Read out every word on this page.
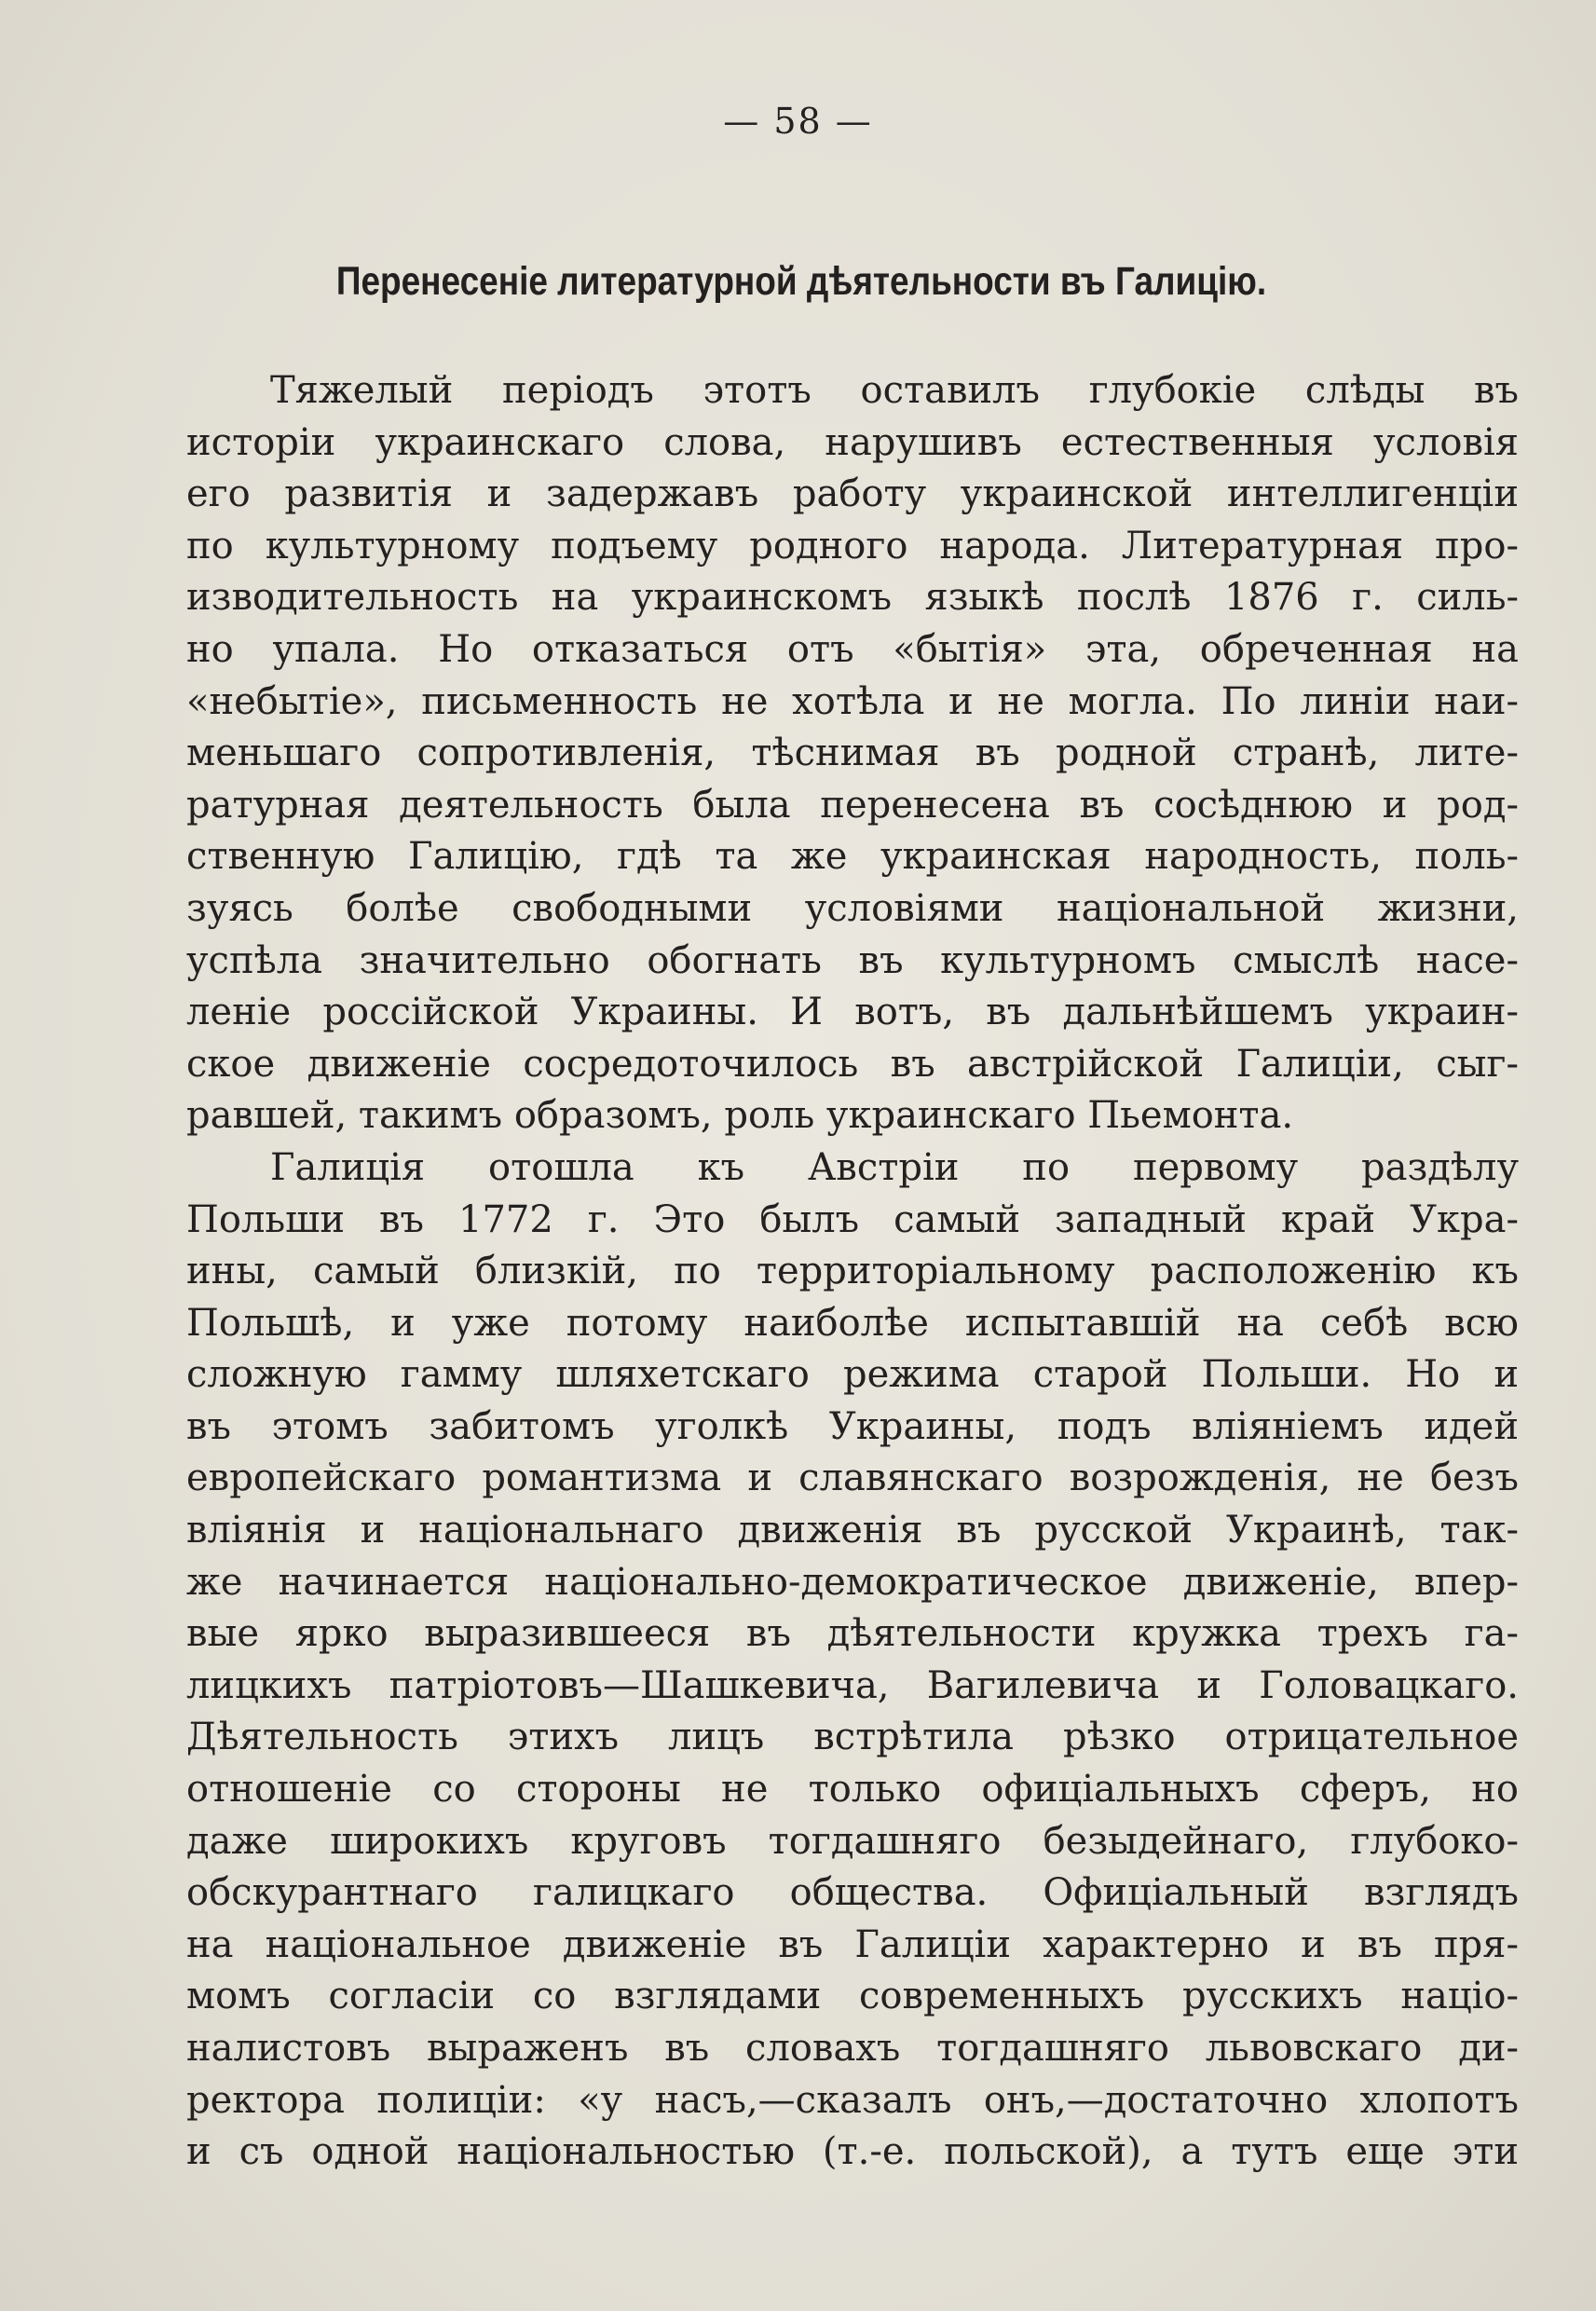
— 58 —
Перенесеніе литературной дѣятельности въ Галицію.
Тяжелый періодъ этотъ оставилъ глубокіе слѣды въ
исторіи украинскаго слова, нарушивъ естественныя условія
его развитія и задержавъ работу украинской интеллигенціи
по культурному подъему родного народа. Литературная про-
изводительность на украинскомъ языкѣ послѣ 1876 г. силь-
но упала. Но отказаться отъ «бытія» эта, обреченная на
«небытіе», письменность не хотѣла и не могла. По линіи наи-
меньшаго сопротивленія, тѣснимая въ родной странѣ, лите-
ратурная деятельность была перенесена въ сосѣднюю и род-
ственную Галицію, гдѣ та же украинская народность, поль-
зуясь болѣе свободными условіями національной жизни,
успѣла значительно обогнать въ культурномъ смыслѣ насе-
леніе россійской Украины. И вотъ, въ дальнѣйшемъ украин-
ское движеніе сосредоточилось въ австрійской Галиціи, сыг-
равшей, такимъ образомъ, роль украинскаго Пьемонта.
Галиція отошла къ Австріи по первому раздѣлу
Польши въ 1772 г. Это былъ самый западный край Укра-
ины, самый близкій, по территоріальному расположенію къ
Польшѣ, и уже потому наиболѣе испытавшій на себѣ всю
сложную гамму шляхетскаго режима старой Польши. Но и
въ этомъ забитомъ уголкѣ Украины, подъ вліяніемъ идей
европейскаго романтизма и славянскаго возрожденія, не безъ
вліянія и національнаго движенія въ русской Украинѣ, так-
же начинается національно-демократическое движеніе, впер-
вые ярко выразившееся въ дѣятельности кружка трехъ га-
лицкихъ патріотовъ—Шашкевича, Вагилевича и Головацкаго.
Дѣятельность этихъ лицъ встрѣтила рѣзко отрицательное
отношеніе со стороны не только офиціальныхъ сферъ, но
даже широкихъ круговъ тогдашняго безыдейнаго, глубоко-
обскурантнаго галицкаго общества. Офиціальный взглядъ
на національное движеніе въ Галиціи характерно и въ пря-
момъ согласіи со взглядами современныхъ русскихъ націо-
налистовъ выраженъ въ словахъ тогдашняго львовскаго ди-
ректора полиціи: «у насъ,—сказалъ онъ,—достаточно хлопотъ
и съ одной національностью (т.-е. польской), а тутъ еще эти
